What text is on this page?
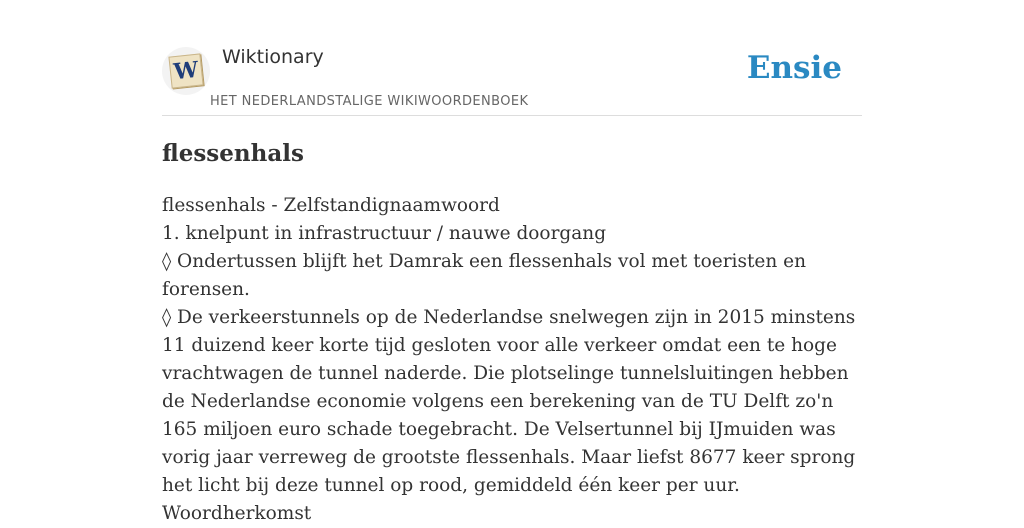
W Wiktionary
HET NEDERLANDSTALIGE WIKIWOORDENBOEK
Ensie
flessenhals

flessenhals - Zelfstandignaamwoord

1. knelpunt in infrastructuur / nauwe doorgang

◊ Ondertussen blijft het Damrak een flessenhals vol met toeristen en forensen.

◊ De verkeerstunnels op de Nederlandse snelwegen zijn in 2015 minstens 11 duizend keer korte tijd gesloten voor alle verkeer omdat een te hoge vrachtwagen de tunnel naderde. Die plotselinge tunnelsluitingen hebben de Nederlandse economie volgens een berekening van de TU Delft zo'n 165 miljoen euro schade toegebracht. De Velsertunnel bij IJmuiden was vorig jaar verreweg de grootste flessenhals. Maar liefst 8677 keer sprong het licht bij deze tunnel op rood, gemiddeld één keer per uur.

Woordherkomst
